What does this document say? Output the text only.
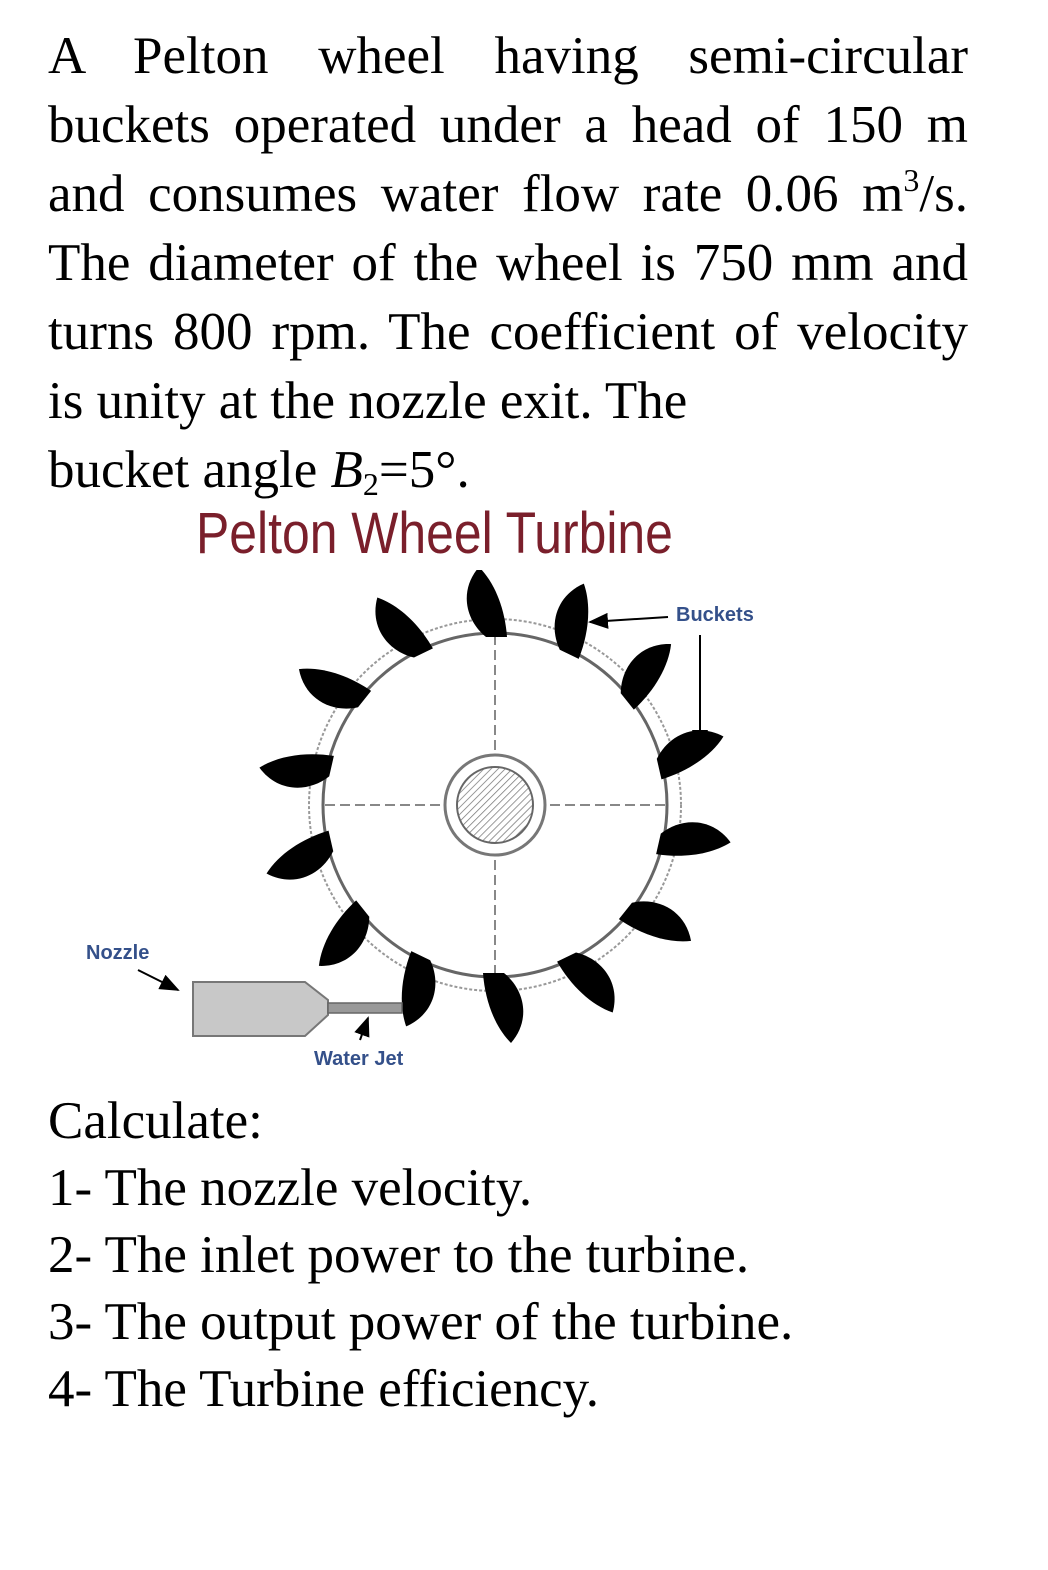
A Pelton wheel having semi-circular
buckets operated under a head of 150 m
and consumes water flow rate 0.06 $m^3/s$.
The diameter of the wheel is 750 mm and
turns 800 rpm. The coefficient of velocity
is unity at the nozzle exit. The
bucket angle $B_2=5^\circ$.
Pelton Wheel Turbine
Buckets
Nozzle
Water Jet
Calculate:
1- The nozzle velocity.
2- The inlet power to the turbine.
3- The output power of the turbine.
4- The Turbine efficiency.
